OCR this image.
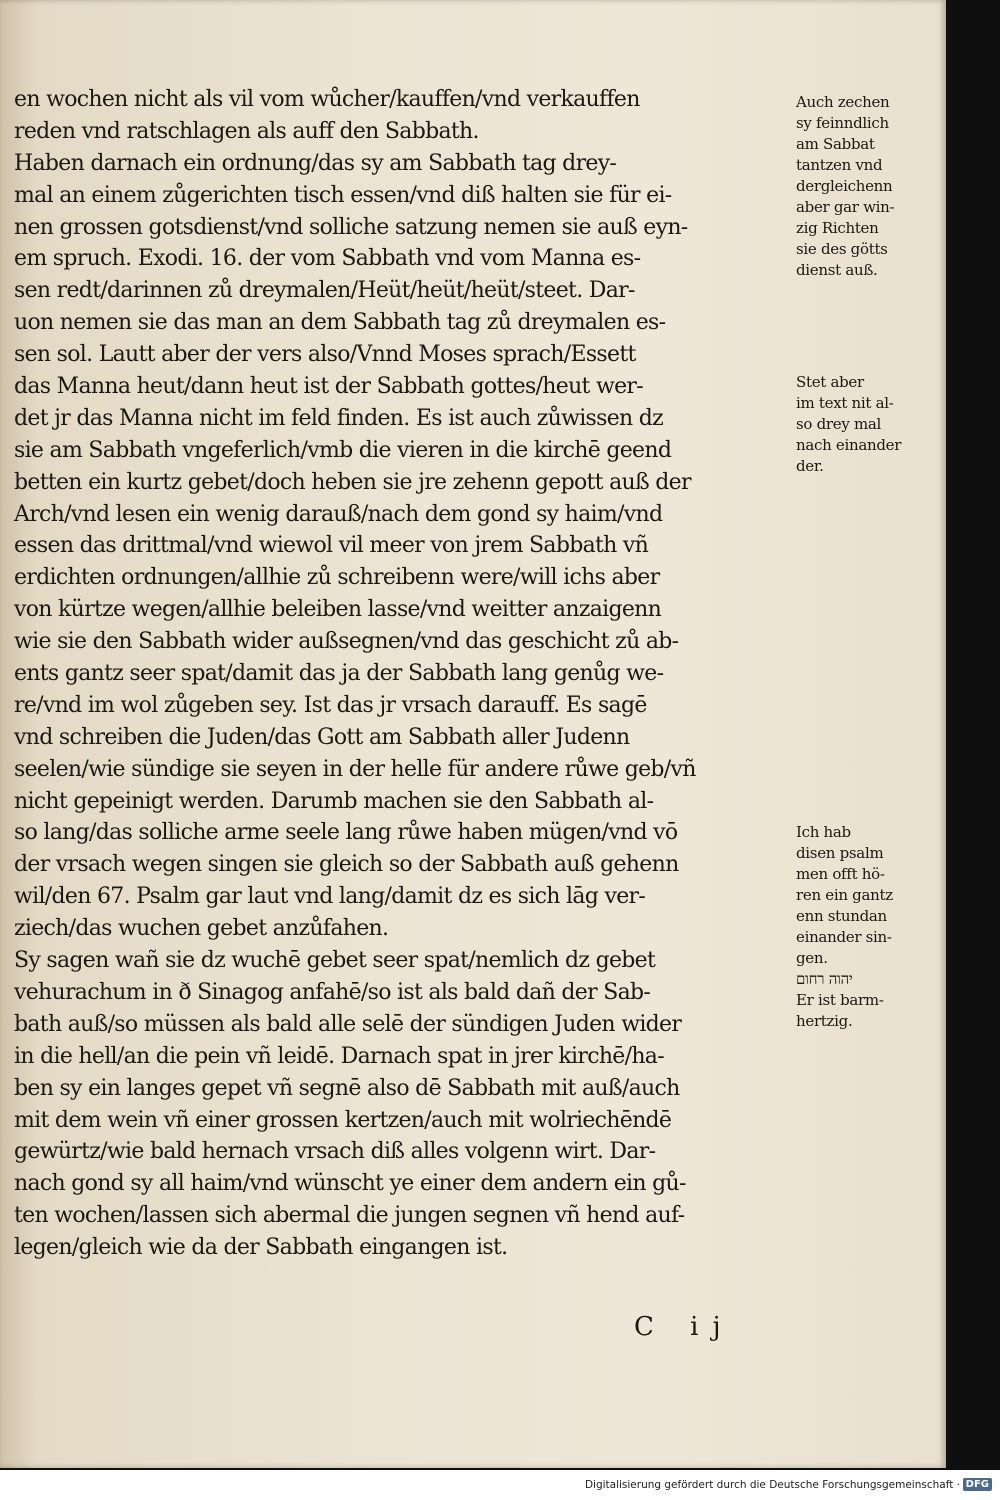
en wochen nicht als vil vom wůcher/kauffen/vnd verkauffen
reden vnd ratschlagen als auff den Sabbath.
Haben darnach ein ordnung/das sy am Sabbath tag drey-
mal an einem zůgerichten tisch essen/vnd diß halten sie für ei-
nen grossen gotsdienst/vnd solliche satzung nemen sie auß eyn-
em spruch. Exodi. 16. der vom Sabbath vnd vom Manna es-
sen redt/darinnen zů dreymalen/Heüt/heüt/heüt/steet. Dar-
uon nemen sie das man an dem Sabbath tag zů dreymalen es-
sen sol. Lautt aber der vers also/Vnnd Moses sprach/Essett
das Manna heut/dann heut ist der Sabbath gottes/heut wer-
det jr das Manna nicht im feld finden. Es ist auch zůwissen dz
sie am Sabbath vngeferlich/vmb die vieren in die kirchē geend
betten ein kurtz gebet/doch heben sie jre zehenn gepott auß der
Arch/vnd lesen ein wenig darauß/nach dem gond sy haim/vnd
essen das drittmal/vnd wiewol vil meer von jrem Sabbath vñ
erdichten ordnungen/allhie zů schreibenn were/will ichs aber
von kürtze wegen/allhie beleiben lasse/vnd weitter anzaigenn
wie sie den Sabbath wider außsegnen/vnd das geschicht zů ab-
ents gantz seer spat/damit das ja der Sabbath lang genůg we-
re/vnd im wol zůgeben sey. Ist das jr vrsach darauff. Es sagē
vnd schreiben die Juden/das Gott am Sabbath aller Judenn
seelen/wie sündige sie seyen in der helle für andere růwe geb/vñ
nicht gepeinigt werden. Darumb machen sie den Sabbath al-
so lang/das solliche arme seele lang růwe haben mügen/vnd vō
der vrsach wegen singen sie gleich so der Sabbath auß gehenn
wil/den 67. Psalm gar laut vnd lang/damit dz es sich lāg ver-
ziech/das wuchen gebet anzůfahen.
Sy sagen wañ sie dz wuchē gebet seer spat/nemlich dz gebet
vehurachum in ð Sinagog anfahē/so ist als bald dañ der Sab-
bath auß/so müssen als bald alle selē der sündigen Juden wider
in die hell/an die pein vñ leidē. Darnach spat in jrer kirchē/ha-
ben sy ein langes gepet vñ segnē also dē Sabbath mit auß/auch
mit dem wein vñ einer grossen kertzen/auch mit wolriechēndē
gewürtz/wie bald hernach vrsach diß alles volgenn wirt. Dar-
nach gond sy all haim/vnd wünscht ye einer dem andern ein gů-
ten wochen/lassen sich abermal die jungen segnen vñ hend auf-
legen/gleich wie da der Sabbath eingangen ist.
Auch zechen
sy feinndlich
am Sabbat
tantzen vnd
dergleichenn
aber gar win-
zig Richten
sie des götts
dienst auß.
Stet aber
im text nit al-
so drey mal
nach einander
der.
Ich hab
disen psalm
men offt hö-
ren ein gantz
enn stundan
einander sin-
gen.
יהוה רחום
Er ist barm-
hertzig.
C ij
Digitalisierung gefördert durch die Deutsche Forschungsgemeinschaft · DFG
